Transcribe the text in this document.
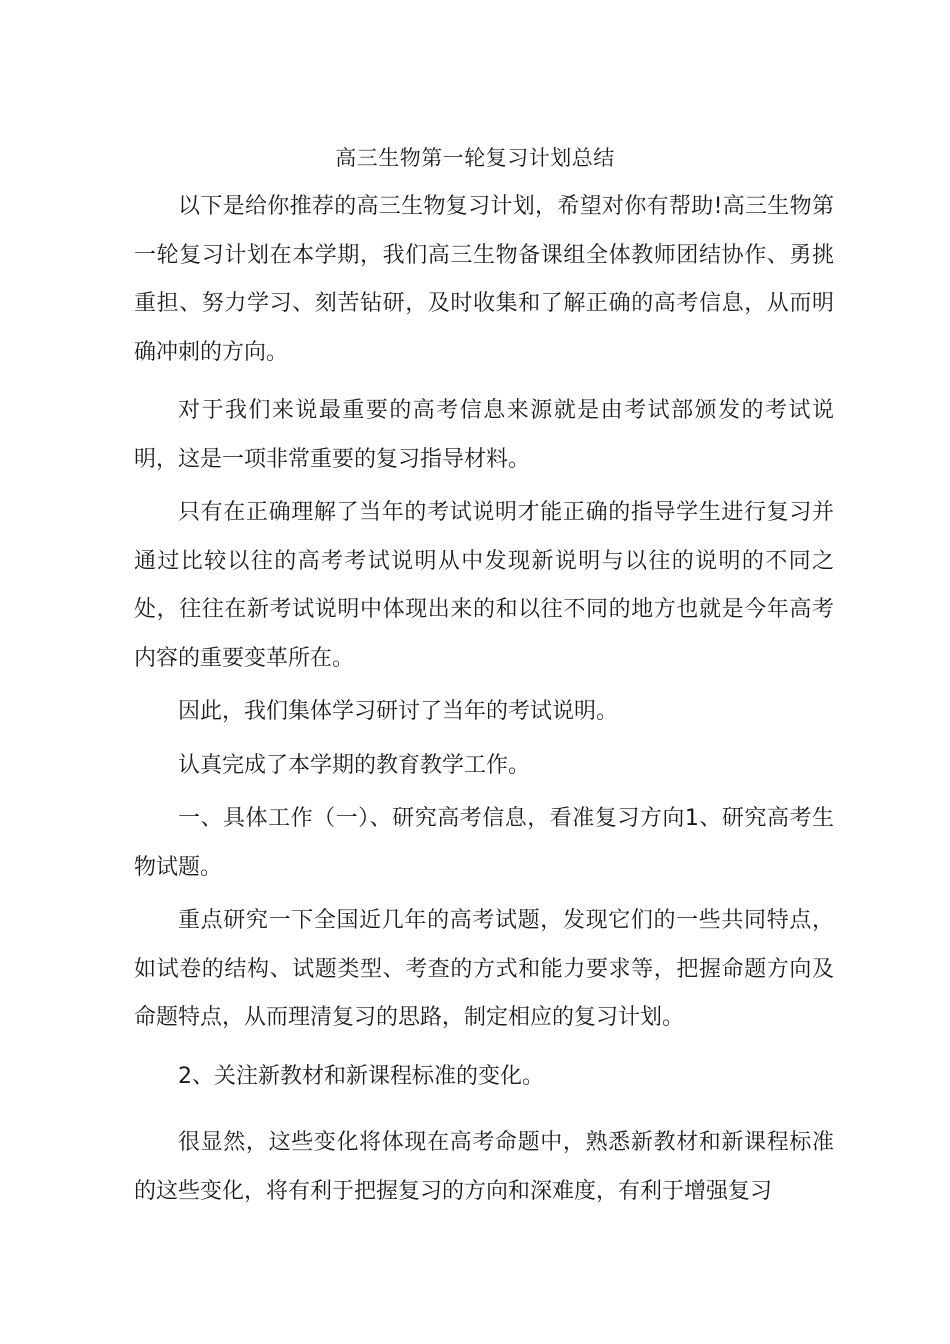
高三生物第一轮复习计划总结

以下是给你推荐的高三生物复习计划，希望对你有帮助!高三生物第一轮复习计划在本学期，我们高三生物备课组全体教师团结协作、勇挑重担、努力学习、刻苦钻研，及时收集和了解正确的高考信息，从而明确冲刺的方向。

对于我们来说最重要的高考信息来源就是由考试部颁发的考试说明，这是一项非常重要的复习指导材料。

只有在正确理解了当年的考试说明才能正确的指导学生进行复习并通过比较以往的高考考试说明从中发现新说明与以往的说明的不同之处，往往在新考试说明中体现出来的和以往不同的地方也就是今年高考内容的重要变革所在。

因此，我们集体学习研讨了当年的考试说明。

认真完成了本学期的教育教学工作。

一、具体工作（一）、研究高考信息，看准复习方向1、研究高考生物试题。

重点研究一下全国近几年的高考试题，发现它们的一些共同特点，如试卷的结构、试题类型、考查的方式和能力要求等，把握命题方向及命题特点，从而理清复习的思路，制定相应的复习计划。

2、关注新教材和新课程标准的变化。

很显然，这些变化将体现在高考命题中，熟悉新教材和新课程标准的这些变化，将有利于把握复习的方向和深难度，有利于增强复习
